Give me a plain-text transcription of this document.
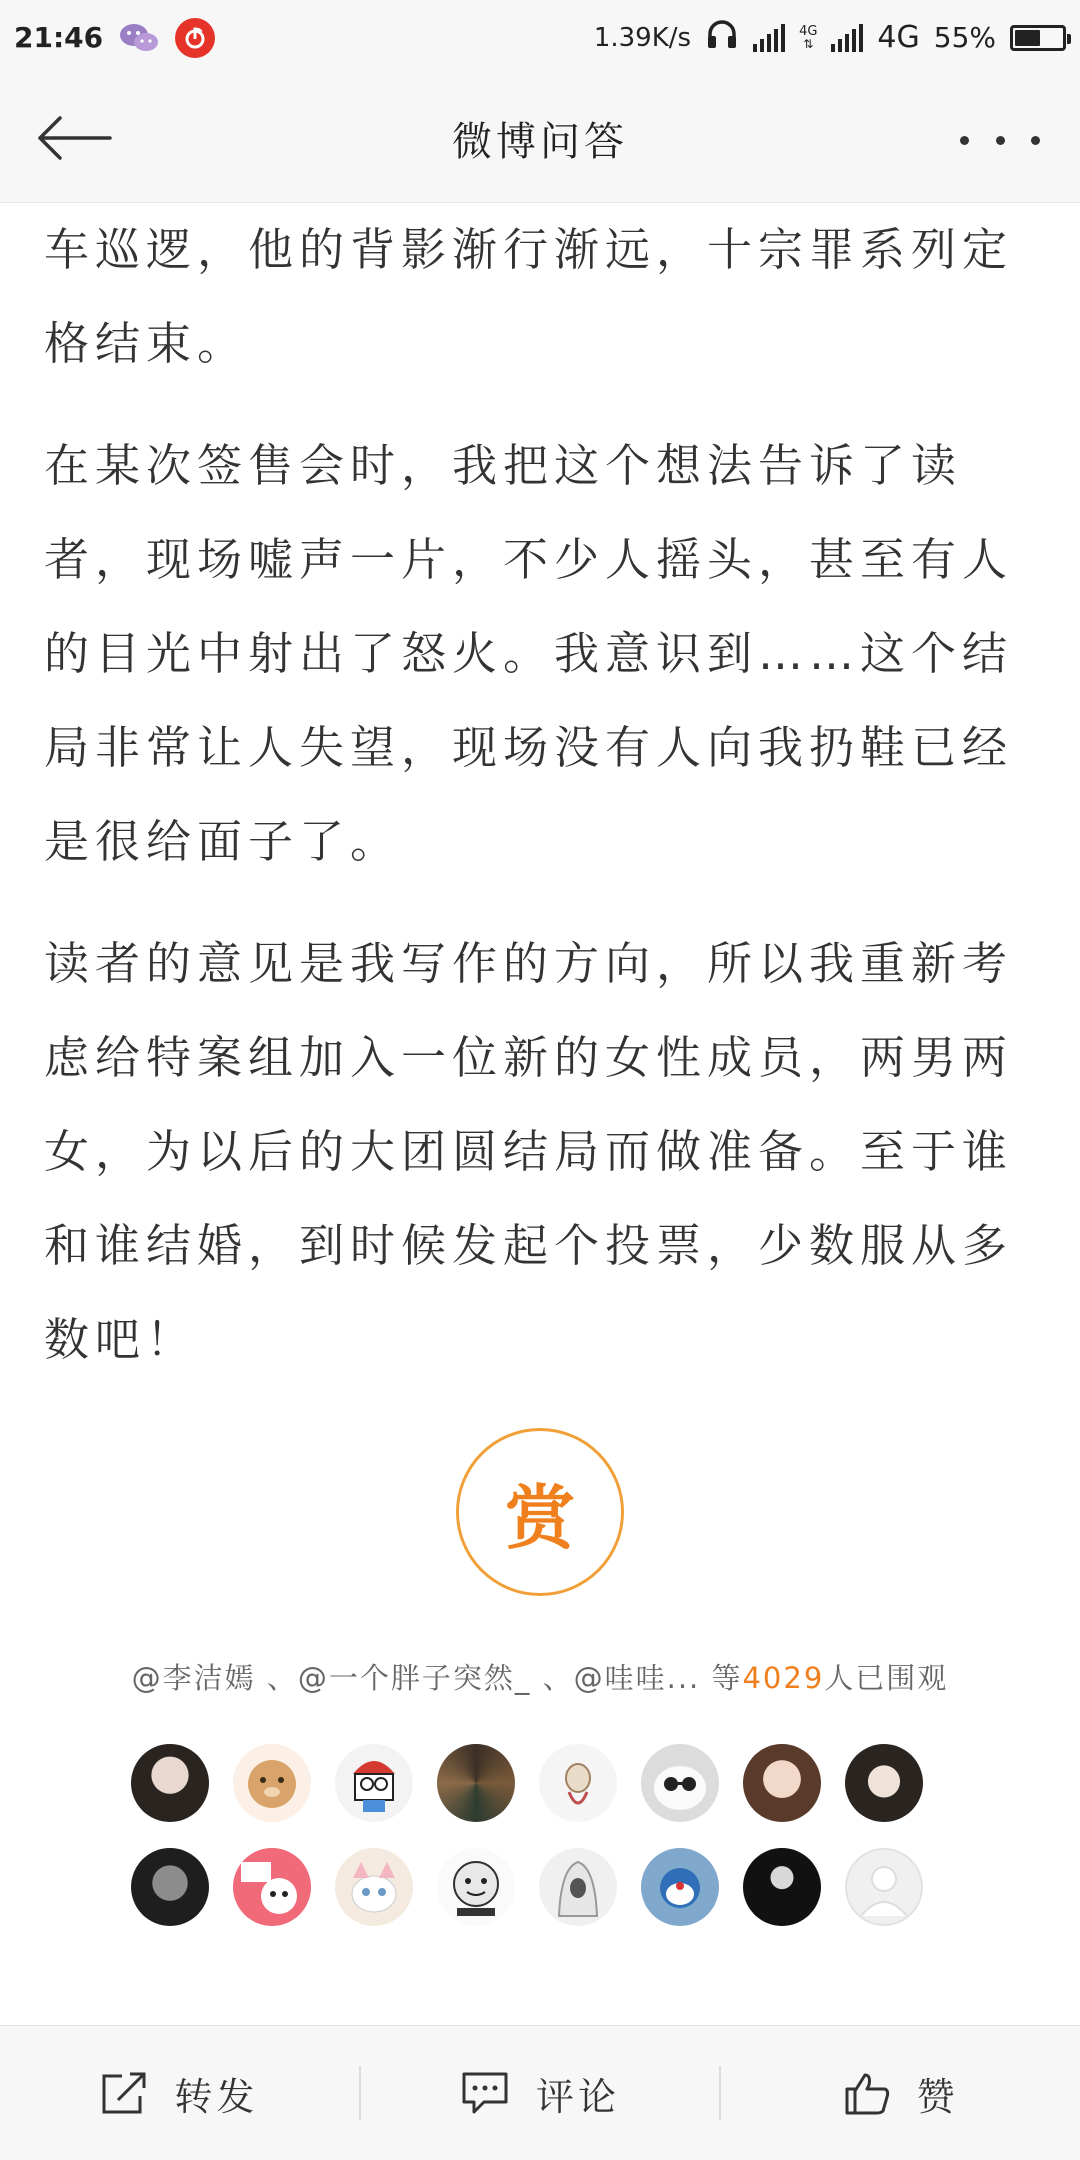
21:46	1.39K/s	4G
⇅ 4G 55%
微博问答

车巡逻，他的背影渐行渐远，十宗罪系列定格结束。

在某次签售会时，我把这个想法告诉了读者，现场嘘声一片，不少人摇头，甚至有人的目光中射出了怒火。我意识到……这个结局非常让人失望，现场没有人向我扔鞋已经是很给面子了。

读者的意见是我写作的方向，所以我重新考虑给特案组加入一位新的女性成员，两男两女，为以后的大团圆结局而做准备。至于谁和谁结婚，到时候发起个投票，少数服从多数吧！

赏
@李洁嫣 、@一个胖子突然_ 、@哇哇... 等4029人已围观
转发	评论	赞
